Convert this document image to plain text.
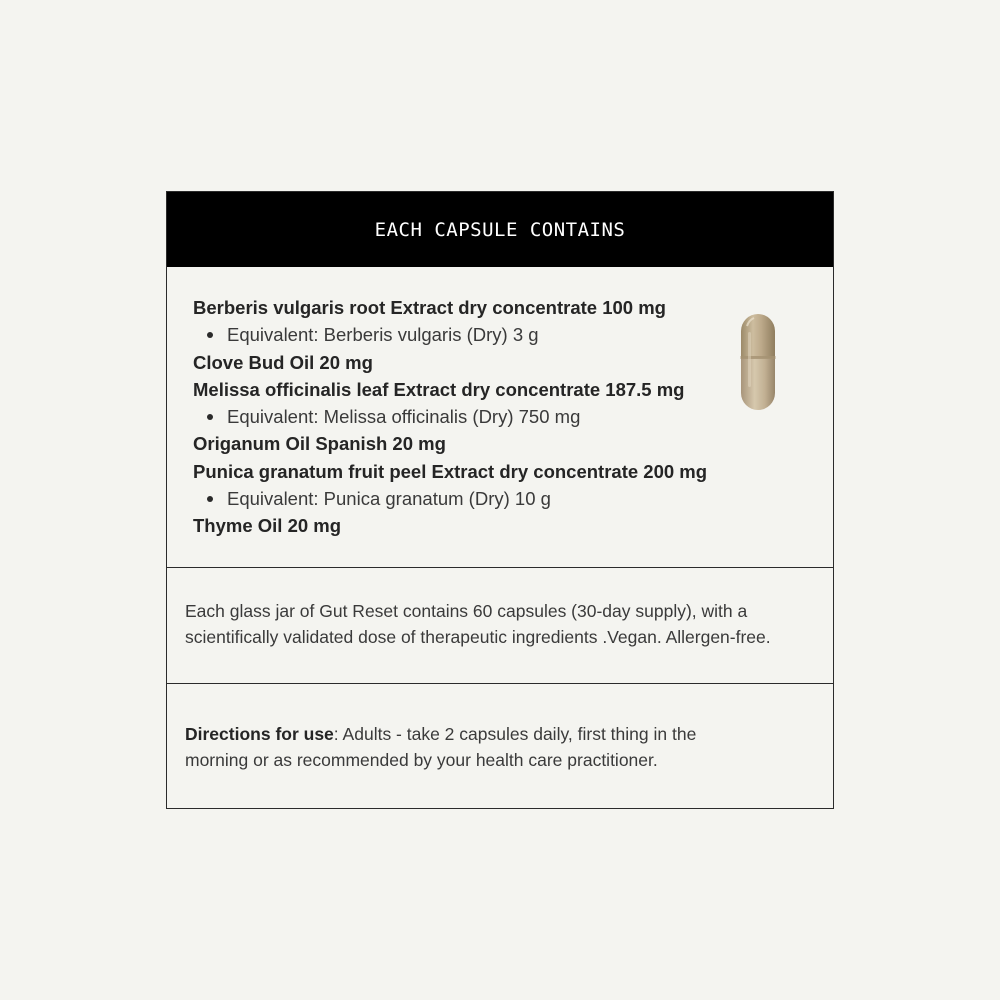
EACH CAPSULE CONTAINS
Berberis vulgaris root Extract dry concentrate 100 mg
Equivalent: Berberis vulgaris (Dry) 3 g
Clove Bud Oil 20 mg
Melissa officinalis leaf Extract dry concentrate 187.5 mg
Equivalent: Melissa officinalis (Dry) 750 mg
Origanum Oil Spanish 20 mg
Punica granatum fruit peel Extract dry concentrate 200 mg
Equivalent: Punica granatum (Dry) 10 g
Thyme Oil 20 mg
Each glass jar of Gut Reset contains 60 capsules (30-day supply), with a
scientifically validated dose of therapeutic ingredients .Vegan. Allergen-free.
Directions for use: Adults - take 2 capsules daily, first thing in the
morning or as recommended by your health care practitioner.
